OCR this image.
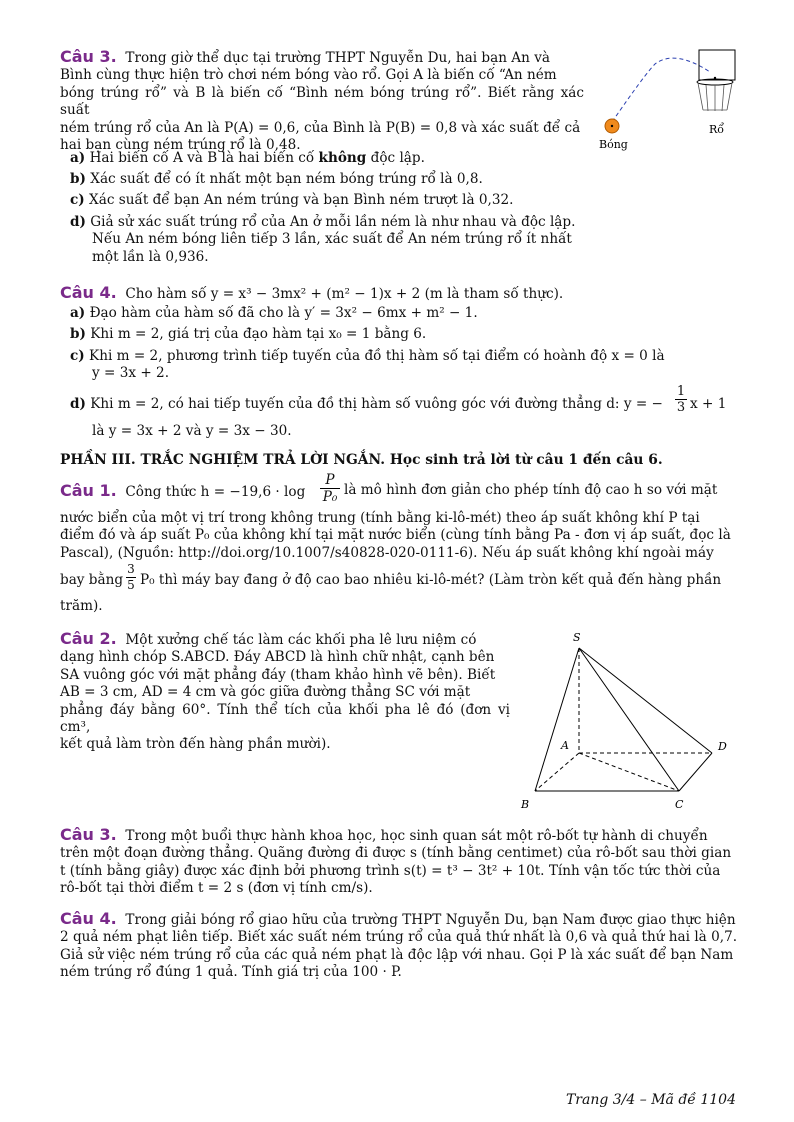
Câu 3. Trong giờ thể dục tại trường THPT Nguyễn Du, hai bạn An và
Bình cùng thực hiện trò chơi ném bóng vào rổ. Gọi A là biến cố “An ném
bóng trúng rổ” và B là biến cố “Bình ném bóng trúng rổ”. Biết rằng xác suất
ném trúng rổ của An là P(A) = 0,6, của Bình là P(B) = 0,8 và xác suất để cả
hai bạn cùng ném trúng rổ là 0,48.
a) Hai biến cố A và B là hai biến cố không độc lập.
b) Xác suất để có ít nhất một bạn ném bóng trúng rổ là 0,8.
c) Xác suất để bạn An ném trúng và bạn Bình ném trượt là 0,32.
d) Giả sử xác suất trúng rổ của An ở mỗi lần ném là như nhau và độc lập.
Nếu An ném bóng liên tiếp 3 lần, xác suất để An ném trúng rổ ít nhất
một lần là 0,936.
Bóng
Rổ
Câu 4. Cho hàm số y = x³ − 3mx² + (m² − 1)x + 2 (m là tham số thực).
a) Đạo hàm của hàm số đã cho là y′ = 3x² − 6mx + m² − 1.
b) Khi m = 2, giá trị của đạo hàm tại x₀ = 1 bằng 6.
c) Khi m = 2, phương trình tiếp tuyến của đồ thị hàm số tại điểm có hoành độ x = 0 là
y = 3x + 2.
d) Khi m = 2, có hai tiếp tuyến của đồ thị hàm số vuông góc với đường thẳng d: y = −
1
3 x + 1
là y = 3x + 2 và y = 3x − 30.
PHẦN III. TRẮC NGHIỆM TRẢ LỜI NGẮN. Học sinh trả lời từ câu 1 đến câu 6.
Câu 1. Công thức h = −19,6 · log
P
P₀ là mô hình đơn giản cho phép tính độ cao h so với mặt
nước biển của một vị trí trong không trung (tính bằng ki-lô-mét) theo áp suất không khí P tại
điểm đó và áp suất P₀ của không khí tại mặt nước biển (cùng tính bằng Pa - đơn vị áp suất, đọc là
Pascal), (Nguồn: http://doi.org/10.1007/s40828-020-0111-6). Nếu áp suất không khí ngoài máy
bay bằng
3
5 P₀ thì máy bay đang ở độ cao bao nhiêu ki-lô-mét? (Làm tròn kết quả đến hàng phần
trăm).
Câu 2. Một xưởng chế tác làm các khối pha lê lưu niệm có
dạng hình chóp S.ABCD. Đáy ABCD là hình chữ nhật, cạnh bên
SA vuông góc với mặt phẳng đáy (tham khảo hình vẽ bên). Biết
AB = 3 cm, AD = 4 cm và góc giữa đường thẳng SC với mặt
phẳng đáy bằng 60°. Tính thể tích của khối pha lê đó (đơn vị cm³,
kết quả làm tròn đến hàng phần mười).
S
A
B	C
D
Câu 3. Trong một buổi thực hành khoa học, học sinh quan sát một rô-bốt tự hành di chuyển
trên một đoạn đường thẳng. Quãng đường đi được s (tính bằng centimet) của rô-bốt sau thời gian
t (tính bằng giây) được xác định bởi phương trình s(t) = t³ − 3t² + 10t. Tính vận tốc tức thời của
rô-bốt tại thời điểm t = 2 s (đơn vị tính cm/s).
Câu 4. Trong giải bóng rổ giao hữu của trường THPT Nguyễn Du, bạn Nam được giao thực hiện
2 quả ném phạt liên tiếp. Biết xác suất ném trúng rổ của quả thứ nhất là 0,6 và quả thứ hai là 0,7.
Giả sử việc ném trúng rổ của các quả ném phạt là độc lập với nhau. Gọi P là xác suất để bạn Nam
ném trúng rổ đúng 1 quả. Tính giá trị của 100 · P.
Trang 3/4 – Mã đề 1104
